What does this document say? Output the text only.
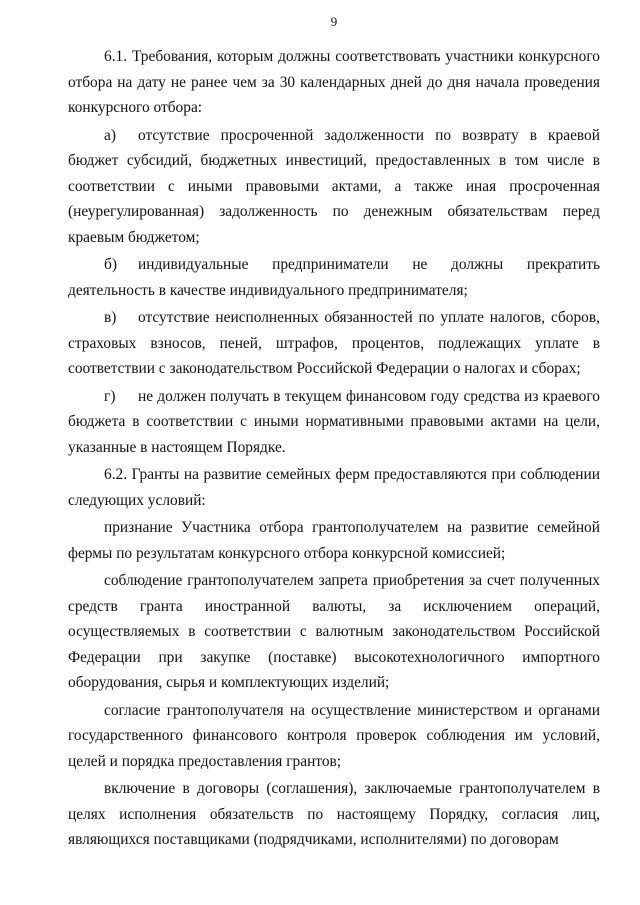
9

6.1. Требования, которым должны соответствовать участники конкурсного отбора на дату не ранее чем за 30 календарных дней до дня начала проведения конкурсного отбора:

а) отсутствие просроченной задолженности по возврату в краевой бюджет субсидий, бюджетных инвестиций, предоставленных в том числе в соответствии с иными правовыми актами, а также иная просроченная (неурегулированная) задолженность по денежным обязательствам перед краевым бюджетом;

б) индивидуальные предприниматели не должны прекратить деятельность в качестве индивидуального предпринимателя;

в) отсутствие неисполненных обязанностей по уплате налогов, сборов, страховых взносов, пеней, штрафов, процентов, подлежащих уплате в соответствии с законодательством Российской Федерации о налогах и сборах;

г) не должен получать в текущем финансовом году средства из краевого бюджета в соответствии с иными нормативными правовыми актами на цели, указанные в настоящем Порядке.

6.2. Гранты на развитие семейных ферм предоставляются при соблюдении следующих условий:

признание Участника отбора грантополучателем на развитие семейной фермы по результатам конкурсного отбора конкурсной комиссией;

соблюдение грантополучателем запрета приобретения за счет полученных средств гранта иностранной валюты, за исключением операций, осуществляемых в соответствии с валютным законодательством Российской Федерации при закупке (поставке) высокотехнологичного импортного оборудования, сырья и комплектующих изделий;

согласие грантополучателя на осуществление министерством и органами государственного финансового контроля проверок соблюдения им условий, целей и порядка предоставления грантов;

включение в договоры (соглашения), заключаемые грантополучателем в целях исполнения обязательств по настоящему Порядку, согласия лиц, являющихся поставщиками (подрядчиками, исполнителями) по договорам
